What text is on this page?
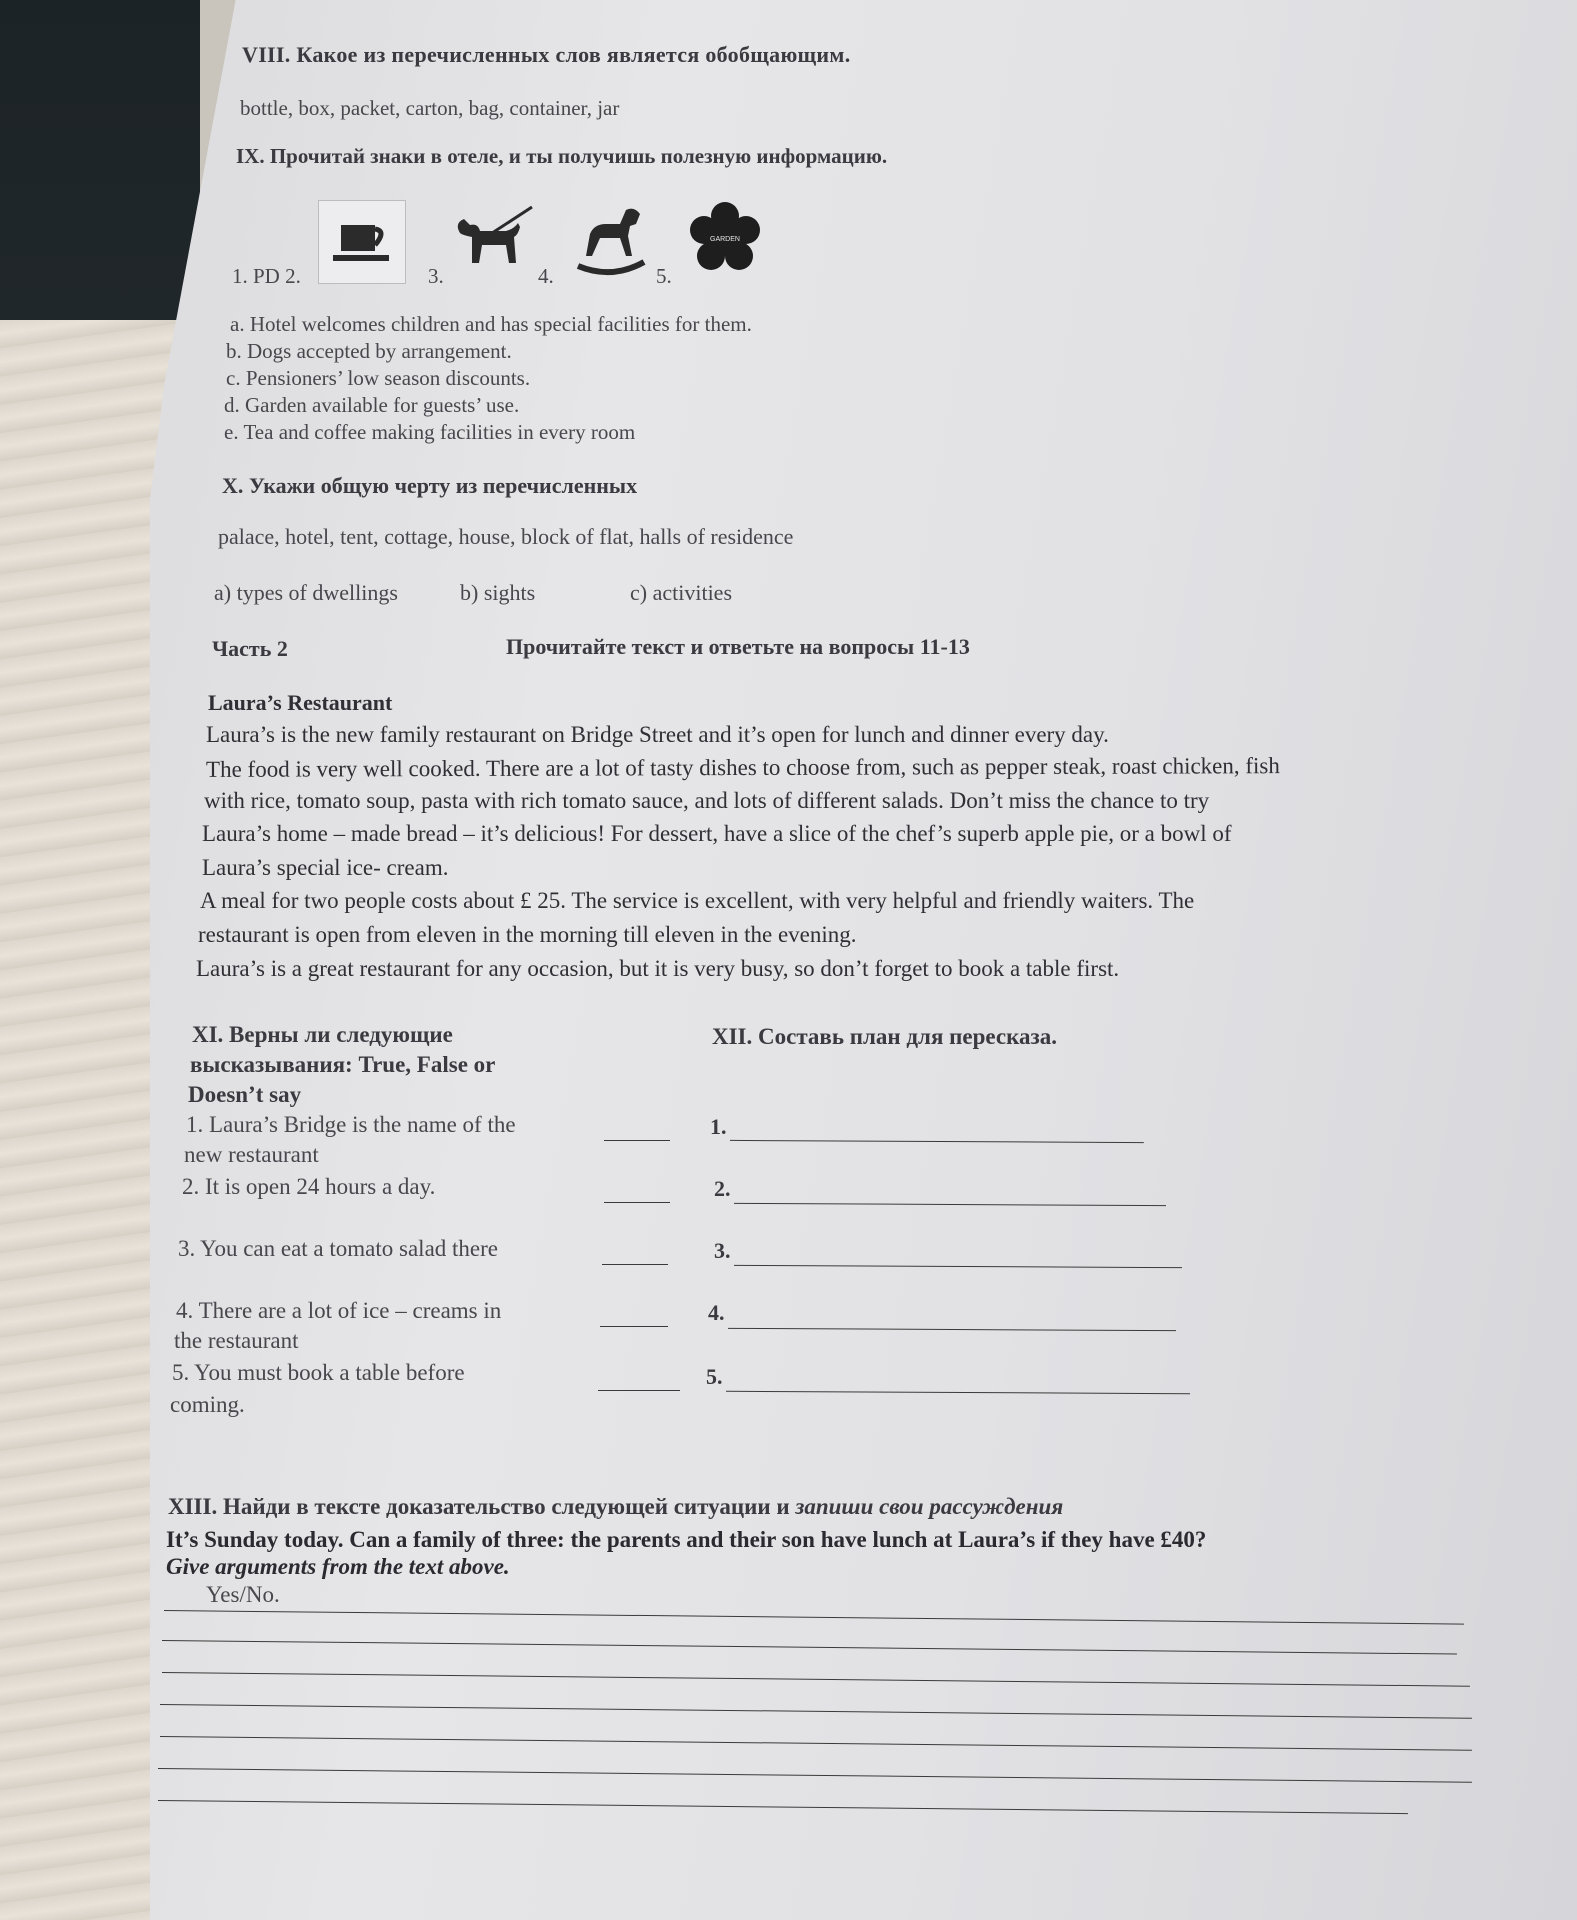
VIII. Какое из перечисленных слов является обобщающим.
bottle, box, packet, carton, bag, container, jar
IX. Прочитай знаки в отеле, и ты получишь полезную информацию.
1. PD 2.	3.	4.	5.
GARDEN
a. Hotel welcomes children and has special facilities for them.
b. Dogs accepted by arrangement.
c. Pensioners’ low season discounts.
d. Garden available for guests’ use.
e. Tea and coffee making facilities in every room
X. Укажи общую черту из перечисленных
palace, hotel, tent, cottage, house, block of flat, halls of residence
a) types of dwellings	b) sights	c) activities
Часть 2	Прочитайте текст и ответьте на вопросы 11-13
Laura’s Restaurant
Laura’s is the new family restaurant on Bridge Street and it’s open for lunch and dinner every day.
The food is very well cooked. There are a lot of tasty dishes to choose from, such as pepper steak, roast chicken, fish
with rice, tomato soup, pasta with rich tomato sauce, and lots of different salads. Don’t miss the chance to try
Laura’s home – made bread – it’s delicious! For dessert, have a slice of the chef’s superb apple pie, or a bowl of
Laura’s special ice- cream.
A meal for two people costs about £ 25. The service is excellent, with very helpful and friendly waiters. The
restaurant is open from eleven in the morning till eleven in the evening.
Laura’s is a great restaurant for any occasion, but it is very busy, so don’t forget to book a table first.
XI. Верны ли следующие
высказывания: True, False or
Doesn’t say
1. Laura’s Bridge is the name of the
new restaurant
2. It is open 24 hours a day.
3. You can eat a tomato salad there
4. There are a lot of ice – creams in
the restaurant
5. You must book a table before
coming.
XII. Составь план для пересказа.
1.
2.
3.
4.
5.
XIII. Найди в тексте доказательство следующей ситуации и запиши свои рассуждения
It’s Sunday today. Can a family of three: the parents and their son have lunch at Laura’s if they have £40?
Give arguments from the text above.
Yes/No.
